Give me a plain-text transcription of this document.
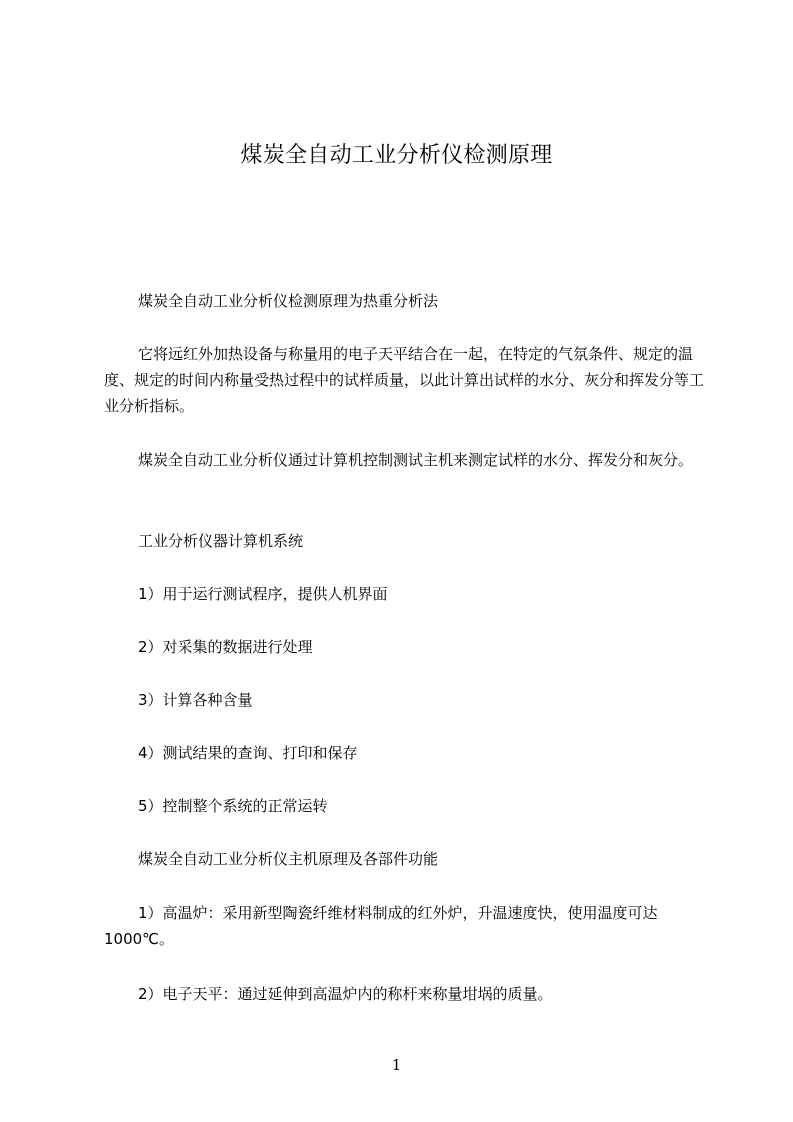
煤炭全自动工业分析仪检测原理

煤炭全自动工业分析仪检测原理为热重分析法

它将远红外加热设备与称量用的电子天平结合在一起，在特定的气氛条件、规定的温度、规定的时间内称量受热过程中的试样质量，以此计算出试样的水分、灰分和挥发分等工业分析指标。

煤炭全自动工业分析仪通过计算机控制测试主机来测定试样的水分、挥发分和灰分。

工业分析仪器计算机系统

1）用于运行测试程序，提供人机界面

2）对采集的数据进行处理

3）计算各种含量

4）测试结果的查询、打印和保存

5）控制整个系统的正常运转

煤炭全自动工业分析仪主机原理及各部件功能

1）高温炉：采用新型陶瓷纤维材料制成的红外炉，升温速度快，使用温度可达1000℃。

2）电子天平：通过延伸到高温炉内的称杆来称量坩埚的质量。

1
